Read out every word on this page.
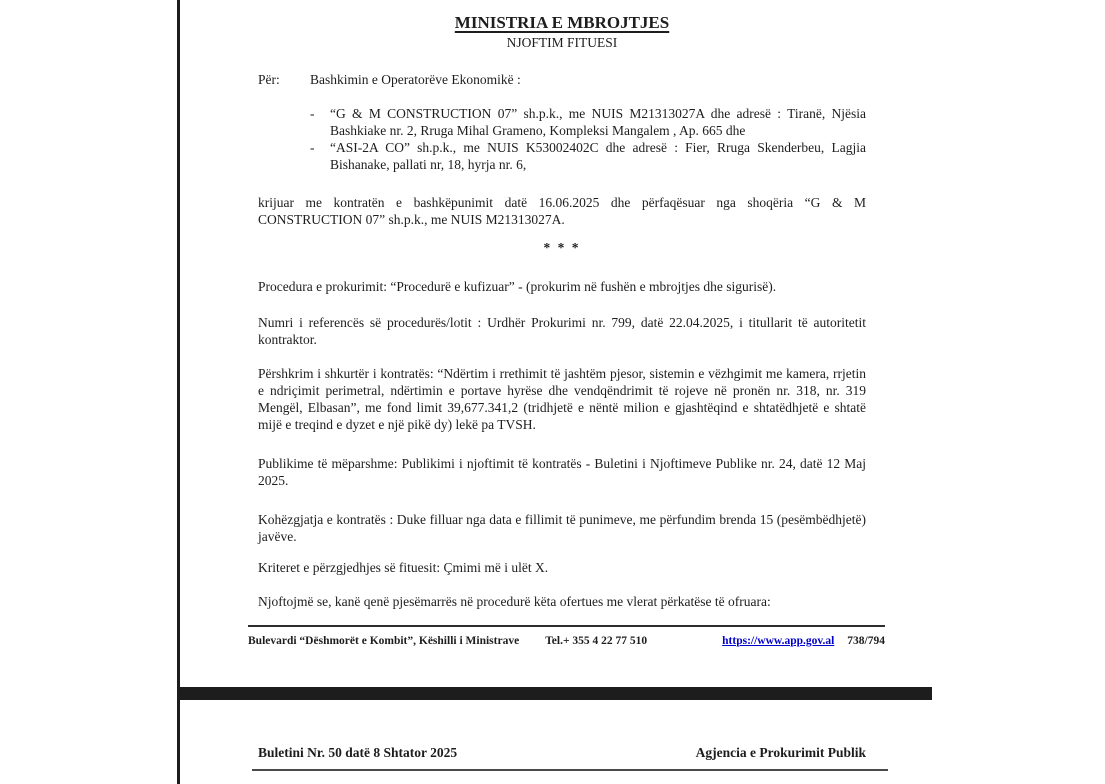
MINISTRIA E MBROJTJES
NJOFTIM FITUESI
Për:	Bashkimin e Operatorëve Ekonomikë :
-	“G & M CONSTRUCTION 07” sh.p.k., me NUIS M21313027A dhe adresë : Tiranë, Njësia Bashkiake nr. 2, Rruga Mihal Grameno, Kompleksi Mangalem , Ap. 665 dhe
-	“ASI-2A CO” sh.p.k., me NUIS K53002402C dhe adresë : Fier, Rruga Skenderbeu, Lagjia Bishanake, pallati nr, 18, hyrja nr. 6,

krijuar me kontratën e bashkëpunimit datë 16.06.2025 dhe përfaqësuar nga shoqëria “G & M CONSTRUCTION 07” sh.p.k., me NUIS M21313027A.

* * *

Procedura e prokurimit: “Procedurë e kufizuar” - (prokurim në fushën e mbrojtjes dhe sigurisë).

Numri i referencës së procedurës/lotit : Urdhër Prokurimi nr. 799, datë 22.04.2025, i titullarit të autoritetit kontraktor.

Përshkrim i shkurtër i kontratës: “Ndërtim i rrethimit të jashtëm pjesor, sistemin e vëzhgimit me kamera, rrjetin e ndriçimit perimetral, ndërtimin e portave hyrëse dhe vendqëndrimit të rojeve në pronën nr. 318, nr. 319 Mengël, Elbasan”, me fond limit 39,677.341,2 (tridhjetë e nëntë milion e gjashtëqind e shtatëdhjetë e shtatë mijë e treqind e dyzet e një pikë dy) lekë pa TVSH.

Publikime të mëparshme: Publikimi i njoftimit të kontratës - Buletini i Njoftimeve Publike nr. 24, datë 12 Maj 2025.

Kohëzgjatja e kontratës : Duke filluar nga data e fillimit të punimeve, me përfundim brenda 15 (pesëmbëdhjetë) javëve.

Kriteret e përzgjedhjes së fituesit: Çmimi më i ulët X.

Njoftojmë se, kanë qenë pjesëmarrës në procedurë këta ofertues me vlerat përkatëse të ofruara:

Bulevardi “Dëshmorët e Kombit”, Këshilli i Ministrave Tel.+ 355 4 22 77 510	https://www.app.gov.al 738/794
Buletini Nr. 50 datë 8 Shtator 2025	Agjencia e Prokurimit Publik
